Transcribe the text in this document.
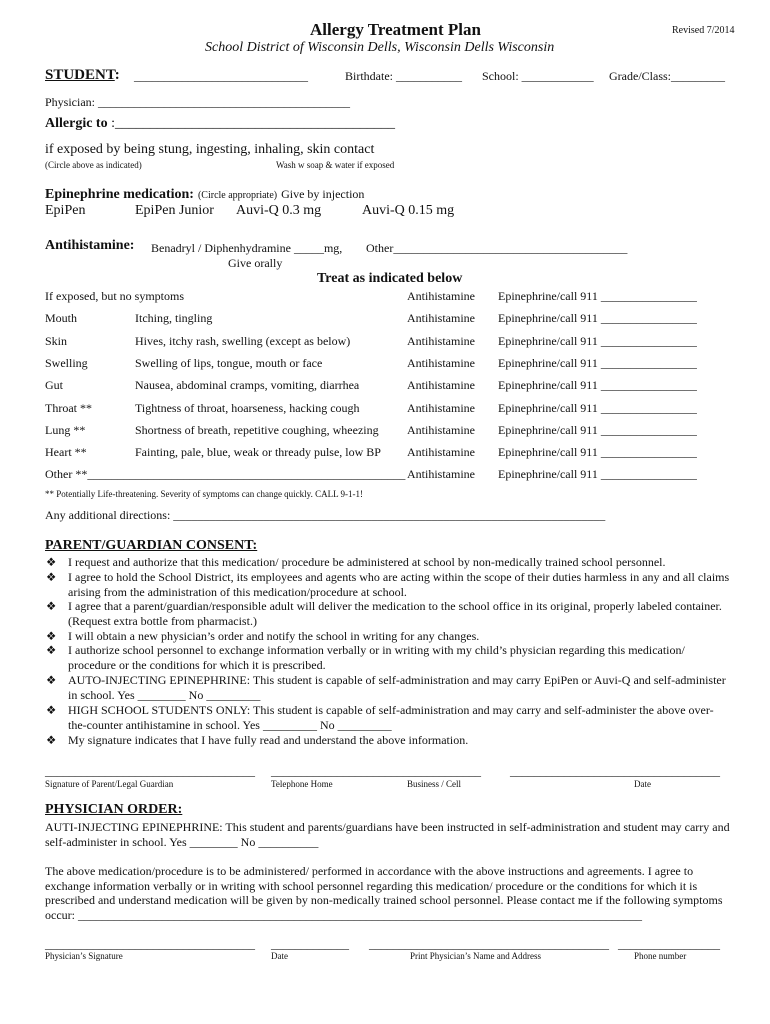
Allergy Treatment Plan	Revised 7/2014
School District of Wisconsin Dells, Wisconsin Dells Wisconsin
STUDENT: _____________________________	Birthdate: ___________ School: ____________ Grade/Class:_________
Physician: __________________________________________
Allergic to :________________________________________
if exposed by being stung, ingesting, inhaling, skin contact
(Circle above as indicated)	Wash w soap & water if exposed
Epinephrine medication: (Circle appropriate) Give by injection
EpiPen	EpiPen Junior Auvi-Q 0.3 mg	Auvi-Q 0.15 mg
Antihistamine: Benadryl / Diphenhydramine _____mg, Other_______________________________________
Give orally
Treat as indicated below
If exposed, but no symptoms	Antihistamine Epinephrine/call 911 ________________
Mouth	Itching, tingling	Antihistamine Epinephrine/call 911 ________________
Skin	Hives, itchy rash, swelling (except as below)	Antihistamine Epinephrine/call 911 ________________
Swelling	Swelling of lips, tongue, mouth or face	Antihistamine Epinephrine/call 911 ________________
Gut	Nausea, abdominal cramps, vomiting, diarrhea	Antihistamine Epinephrine/call 911 ________________
Throat **	Tightness of throat, hoarseness, hacking cough	Antihistamine Epinephrine/call 911 ________________
Lung **	Shortness of breath, repetitive coughing, wheezing Antihistamine Epinephrine/call 911 ________________
Heart **	Fainting, pale, blue, weak or thready pulse, low BP Antihistamine Epinephrine/call 911 ________________
Other **_____________________________________________________ Antihistamine Epinephrine/call 911 ________________
** Potentially Life-threatening. Severity of symptoms can change quickly. CALL 9-1-1!
Any additional directions: ________________________________________________________________________
PARENT/GUARDIAN CONSENT:
❖ I request and authorize that this medication/ procedure be administered at school by non-medically trained school personnel.
❖ I agree to hold the School District, its employees and agents who are acting within the scope of their duties harmless in any and all claims arising from the administration of this medication/procedure at school.
❖ I agree that a parent/guardian/responsible adult will deliver the medication to the school office in its original, properly labeled container. (Request extra bottle from pharmacist.)
❖ I will obtain a new physician’s order and notify the school in writing for any changes.
❖ I authorize school personnel to exchange information verbally or in writing with my child’s physician regarding this medication/ procedure or the conditions for which it is prescribed.
❖ AUTO-INJECTING EPINEPHRINE: This student is capable of self-administration and may carry EpiPen or Auvi-Q and self-administer in school. Yes ________ No _________
❖ HIGH SCHOOL STUDENTS ONLY: This student is capable of self-administration and may carry and self-administer the above over-the-counter antihistamine in school. Yes _________ No _________
❖ My signature indicates that I have fully read and understand the above information.
___________________________________ ___________________________________ ___________________________________
Signature of Parent/Legal Guardian	Telephone Home	Business / Cell	Date
PHYSICIAN ORDER:
AUTI-INJECTING EPINEPHRINE: This student and parents/guardians have been instructed in self-administration and student may carry and self-administer in school. Yes ________ No __________
The above medication/procedure is to be administered/ performed in accordance with the above instructions and agreements. I agree to exchange information verbally or in writing with school personnel regarding this medication/ procedure or the conditions for which it is prescribed and understand medication will be given by non-medically trained school personnel. Please contact me if the following symptoms occur: ______________________________________________________________________________________________
___________________________________ _____________ ________________________________________ _________________
Physician’s Signature	Date	Print Physician’s Name and Address	Phone number
